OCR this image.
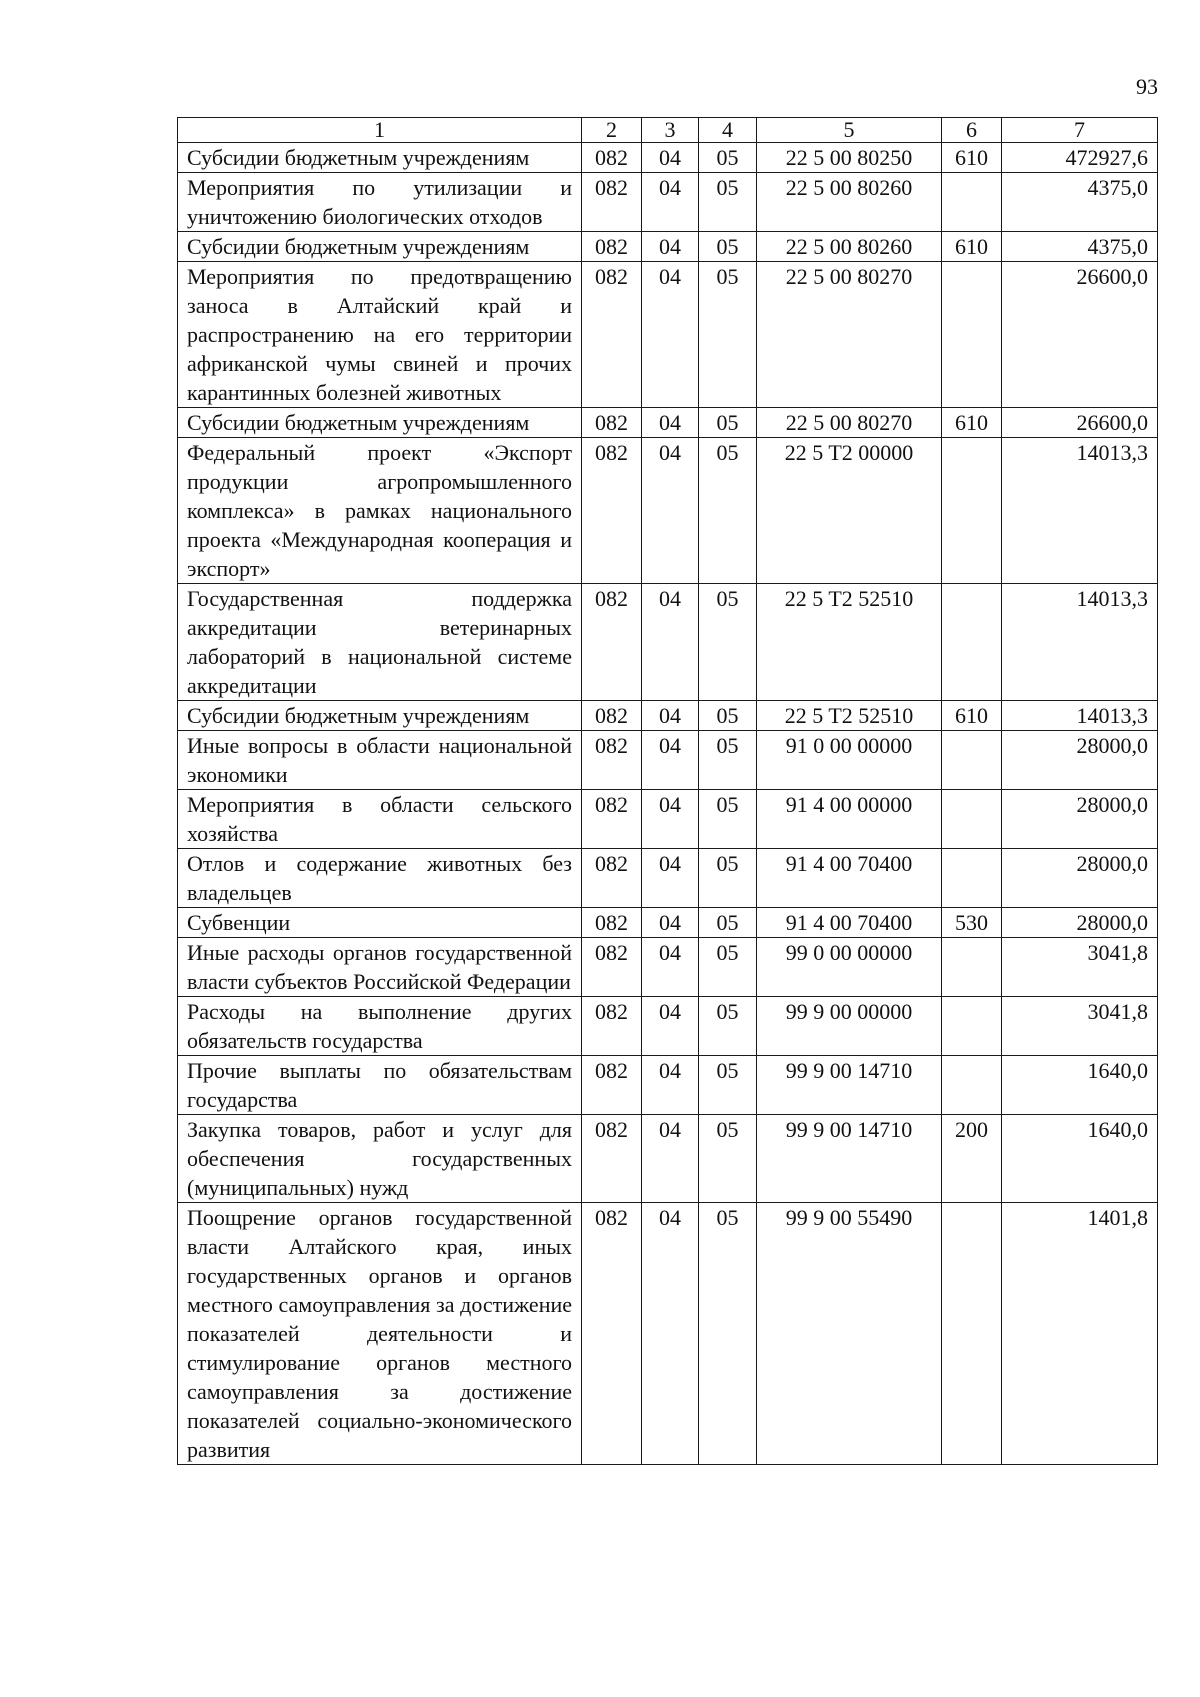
93
1	2	3	4	5	6	7
Субсидии бюджетным учреждениям	082	04	05	22 5 00 80250	610	472927,6
Мероприятия по утилизации и уничтожению биологических отходов	082	04	05	22 5 00 80260		4375,0
Субсидии бюджетным учреждениям	082	04	05	22 5 00 80260	610	4375,0
Мероприятия по предотвращению заноса в Алтайский край и распространению на его территории африканской чумы свиней и прочих карантинных болезней животных	082	04	05	22 5 00 80270		26600,0
Субсидии бюджетным учреждениям	082	04	05	22 5 00 80270	610	26600,0
Федеральный проект «Экспорт продукции агропромышленного комплекса» в рамках национального проекта «Международная кооперация и экспорт»	082	04	05	22 5 T2 00000		14013,3
Государственная поддержка аккредитации ветеринарных лабораторий в национальной системе аккредитации	082	04	05	22 5 T2 52510		14013,3
Субсидии бюджетным учреждениям	082	04	05	22 5 T2 52510	610	14013,3
Иные вопросы в области национальной экономики	082	04	05	91 0 00 00000		28000,0
Мероприятия в области сельского хозяйства	082	04	05	91 4 00 00000		28000,0
Отлов и содержание животных без владельцев	082	04	05	91 4 00 70400		28000,0
Субвенции	082	04	05	91 4 00 70400	530	28000,0
Иные расходы органов государственной власти субъектов Российской Федерации	082	04	05	99 0 00 00000		3041,8
Расходы на выполнение других обязательств государства	082	04	05	99 9 00 00000		3041,8
Прочие выплаты по обязательствам государства	082	04	05	99 9 00 14710		1640,0
Закупка товаров, работ и услуг для обеспечения государственных (муниципальных) нужд	082	04	05	99 9 00 14710	200	1640,0
Поощрение органов государственной власти Алтайского края, иных государственных органов и органов местного самоуправления за достижение показателей деятельности и стимулирование органов местного самоуправления за достижение показателей социально-экономического развития	082	04	05	99 9 00 55490		1401,8
